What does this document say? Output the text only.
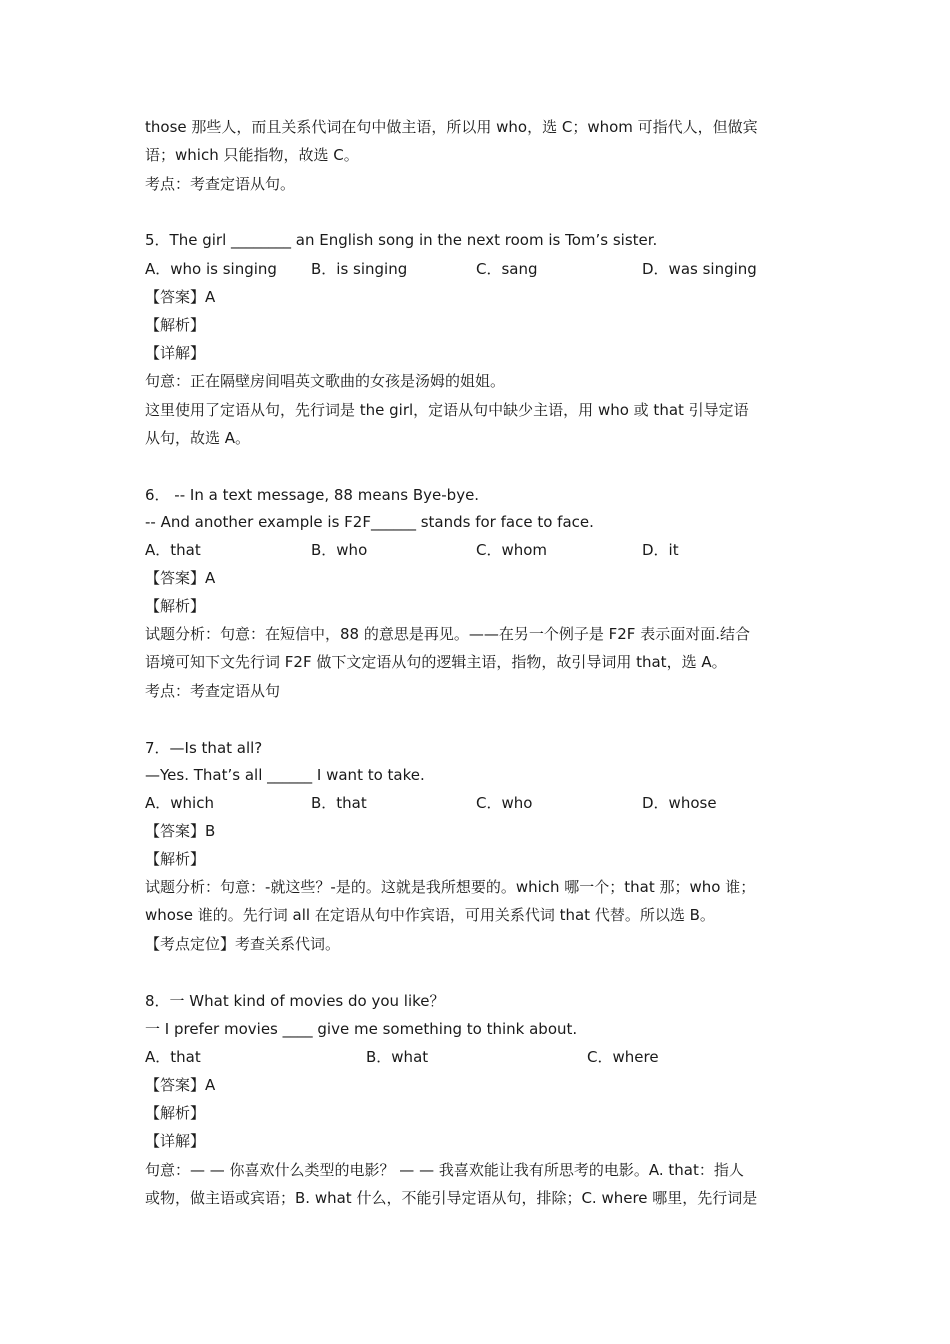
those 那些人，而且关系代词在句中做主语，所以用 who，选 C；whom 可指代人，但做宾
语；which 只能指物，故选 C。
考点：考查定语从句。
5．The girl ________ an English song in the next room is Tom’s sister.
A．who is singing B．is singing	C．sang	D．was singing
【答案】A
【解析】
【详解】
句意：正在隔壁房间唱英文歌曲的女孩是汤姆的姐姐。
这里使用了定语从句，先行词是 the girl，定语从句中缺少主语，用 who 或 that 引导定语
从句，故选 A。
6． -- In a text message, 88 means Bye-bye.
-- And another example is F2F______ stands for face to face.
A．that	B．who	C．whom	D．it
【答案】A
【解析】
试题分析：句意：在短信中，88 的意思是再见。——在另一个例子是 F2F 表示面对面.结合
语境可知下文先行词 F2F 做下文定语从句的逻辑主语，指物，故引导词用 that，选 A。
考点：考查定语从句
7．—Is that all?
—Yes. That’s all ______ I want to take.
A．which	B．that	C．who	D．whose
【答案】B
【解析】
试题分析：句意：-就这些？-是的。这就是我所想要的。which 哪一个；that 那；who 谁；
whose 谁的。先行词 all 在定语从句中作宾语，可用关系代词 that 代替。所以选 B。
【考点定位】考查关系代词。
8．一 What kind of movies do you like？
一 I prefer movies ____ give me something to think about.
A．that	B．what	C．where
【答案】A
【解析】
【详解】
句意：— — 你喜欢什么类型的电影？ — — 我喜欢能让我有所思考的电影。A. that：指人
或物，做主语或宾语；B. what 什么，不能引导定语从句，排除；C. where 哪里，先行词是
